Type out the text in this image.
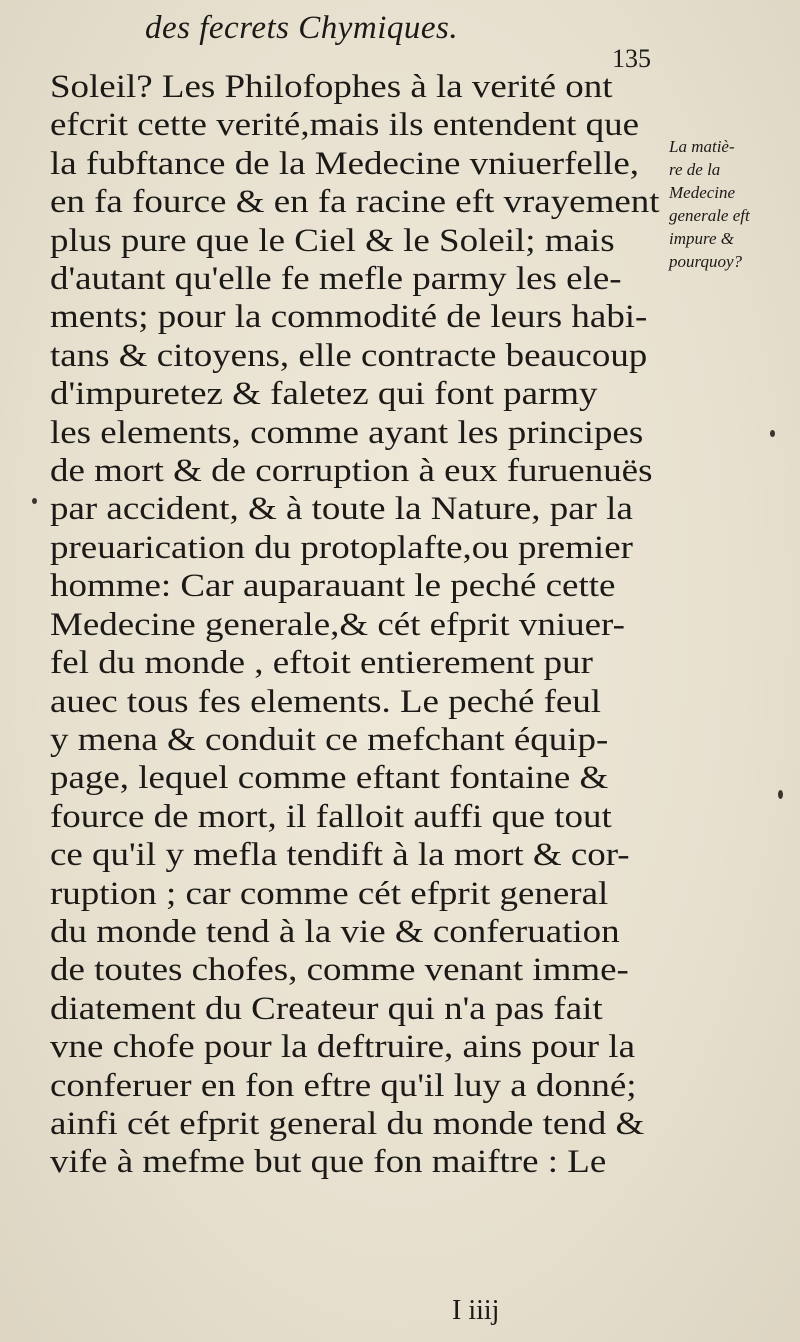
des fecrets Chymiques.
135
Soleil? Les Philofophes à la verité ont
efcrit cette verité,mais ils entendent que
la fubftance de la Medecine vniuerfelle,
en fa fource & en fa racine eft vrayement
plus pure que le Ciel & le Soleil; mais
d'autant qu'elle fe mefle parmy les ele-
ments; pour la commodité de leurs habi-
tans & citoyens, elle contracte beaucoup
d'impuretez & faletez qui font parmy
les elements, comme ayant les principes
de mort & de corruption à eux furuenuës
par accident, & à toute la Nature, par la
preuarication du protoplafte,ou premier
homme: Car auparauant le peché cette
Medecine generale,& cét efprit vniuer-
fel du monde , eftoit entierement pur
auec tous fes elements. Le peché feul
y mena & conduit ce mefchant équip-
page, lequel comme eftant fontaine &
fource de mort, il falloit auffi que tout
ce qu'il y mefla tendift à la mort & cor-
ruption ; car comme cét efprit general
du monde tend à la vie & conferuation
de toutes chofes, comme venant imme-
diatement du Createur qui n'a pas fait
vne chofe pour la deftruire, ains pour la
conferuer en fon eftre qu'il luy a donné;
ainfi cét efprit general du monde tend &
vife à mefme but que fon maiftre : Le
La matiè-
re de la
Medecine
generale eft
impure &
pourquoy?
I iiij
